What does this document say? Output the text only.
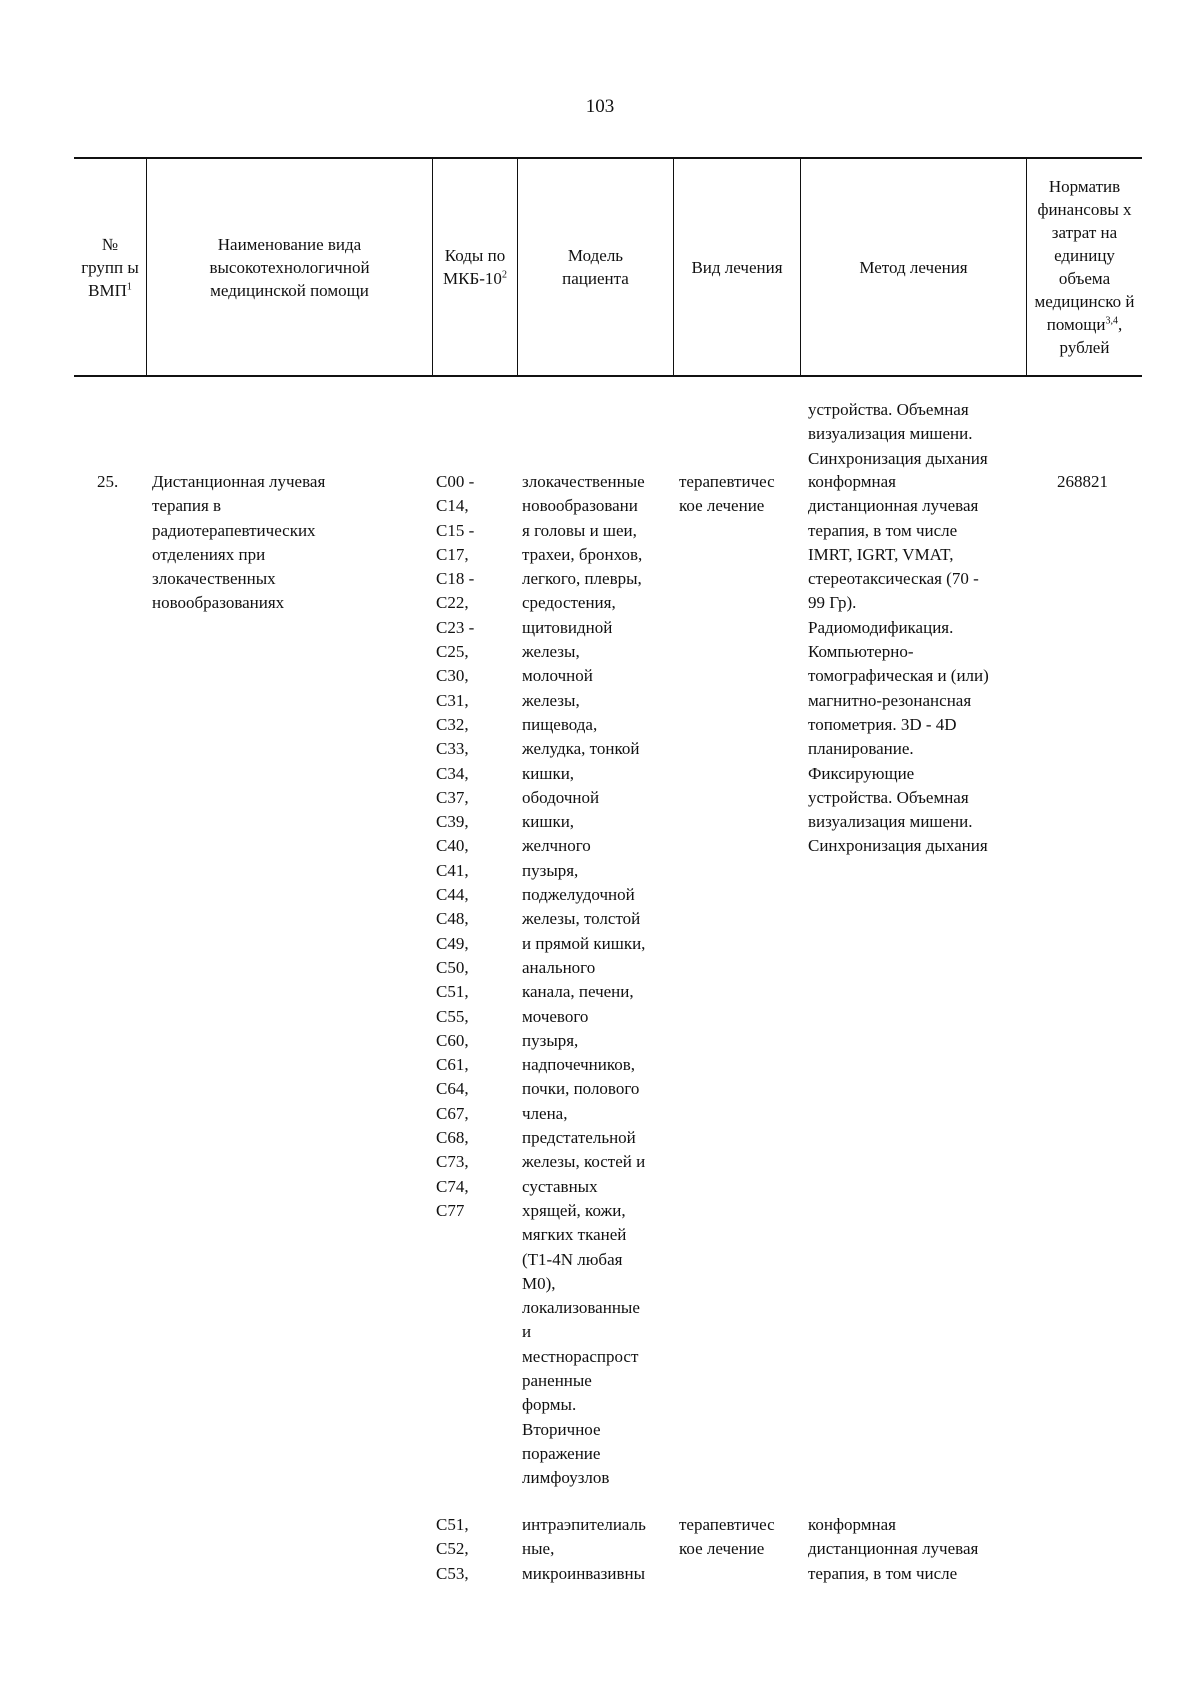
103
№ групп ы ВМП$^1$
Наименование вида высокотехнологичной медицинской помощи
Коды по МКБ-$10^2$
Модель пациента
Вид лечения	Метод лечения
Норматив финансовы х затрат на единицу объема медицинско й помощи$^{3,4}$, рублей
устройства. Объемная
визуализация мишени.
Синхронизация дыхания
25. Дистанционная лучевая
терапия в
радиотерапевтических
отделениях при
злокачественных
новообразованиях
С00 -
С14,
С15 -
С17,
С18 -
С22,
С23 -
С25,
С30,
С31,
С32,
С33,
С34,
С37,
С39,
С40,
С41,
С44,
С48,
С49,
С50,
С51,
С55,
С60,
С61,
С64,
С67,
С68,
С73,
С74,
С77
злокачественные
новообразовани
я головы и шеи,
трахеи, бронхов,
легкого, плевры,
средостения,
щитовидной
железы,
молочной
железы,
пищевода,
желудка, тонкой
кишки,
ободочной
кишки,
желчного
пузыря,
поджелудочной
железы, толстой
и прямой кишки,
анального
канала, печени,
мочевого
пузыря,
надпочечников,
почки, полового
члена,
предстательной
железы, костей и
суставных
хрящей, кожи,
мягких тканей
(Т1-4N любая
М0),
локализованные
и
местнораспрост
раненные
формы.
Вторичное
поражение
лимфоузлов
терапевтичес
кое лечение
конформная
дистанционная лучевая
терапия, в том числе
IMRT, IGRT, VMAT,
стереотаксическая (70 -
99 Гр).
Радиомодификация.
Компьютерно-
томографическая и (или)
магнитно-резонансная
топометрия. 3D - 4D
планирование.
Фиксирующие
устройства. Объемная
визуализация мишени.
Синхронизация дыхания
268821
С51,
С52,
С53,
интраэпителиаль
ные,
микроинвазивны
терапевтичес
кое лечение
конформная
дистанционная лучевая
терапия, в том числе
